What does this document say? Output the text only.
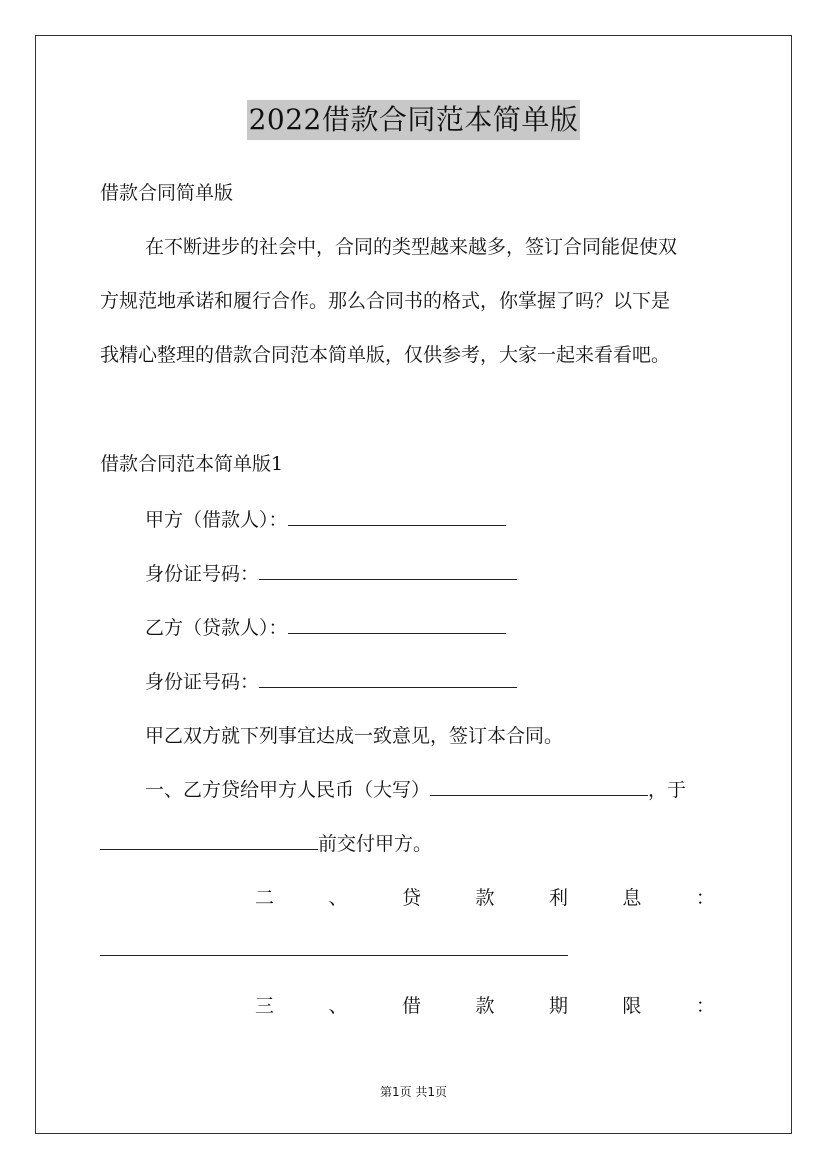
2022借款合同范本简单版
借款合同简单版
在不断进步的社会中，合同的类型越来越多，签订合同能促使双
方规范地承诺和履行合作。那么合同书的格式，你掌握了吗？以下是
我精心整理的借款合同范本简单版，仅供参考，大家一起来看看吧。
借款合同范本简单版1
甲方（借款人）：
身份证号码：
乙方（贷款人）：
身份证号码：
甲乙双方就下列事宜达成一致意见，签订本合同。
一、乙方贷给甲方人民币（大写）	，于
前交付甲方。
二	、	贷	款	利	息	：
三	、	借	款	期	限	：
第1页 共1页
